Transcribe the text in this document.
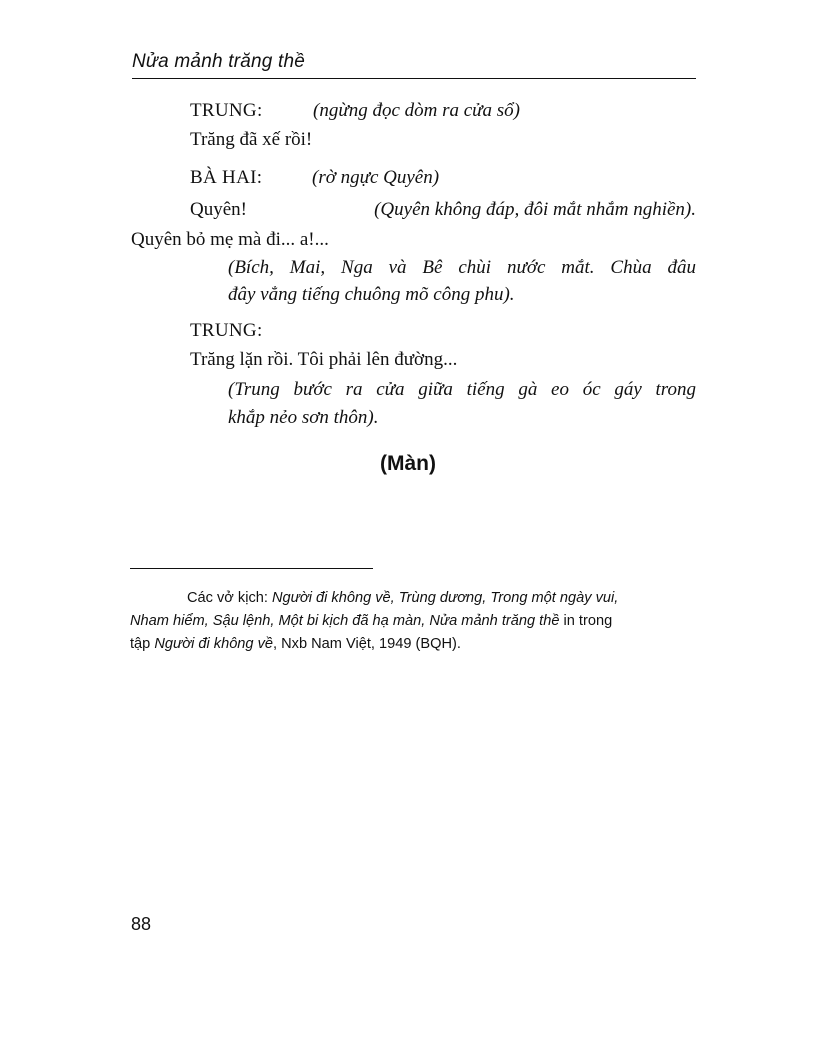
Nửa mảnh trăng thề
TRUNG:	(ngừng đọc dòm ra cửa sổ)
Trăng đã xế rồi!
BÀ HAI:	(rờ ngực Quyên)
Quyên!	(Quyên không đáp, đôi mắt nhắm nghiền).
Quyên bỏ mẹ mà đi... a!...
(Bích, Mai, Nga và Bê chùi nước mắt. Chùa đâu
đây vẳng tiếng chuông mõ công phu).
TRUNG:
Trăng lặn rồi. Tôi phải lên đường...
(Trung bước ra cửa giữa tiếng gà eo óc gáy trong
khắp nẻo sơn thôn).
(Màn)
Các vở kịch: Người đi không về, Trùng dương, Trong một ngày vui,
Nham hiểm, Sậu lệnh, Một bi kịch đã hạ màn, Nửa mảnh trăng thề in trong
tập Người đi không về, Nxb Nam Việt, 1949 (BQH).
88
